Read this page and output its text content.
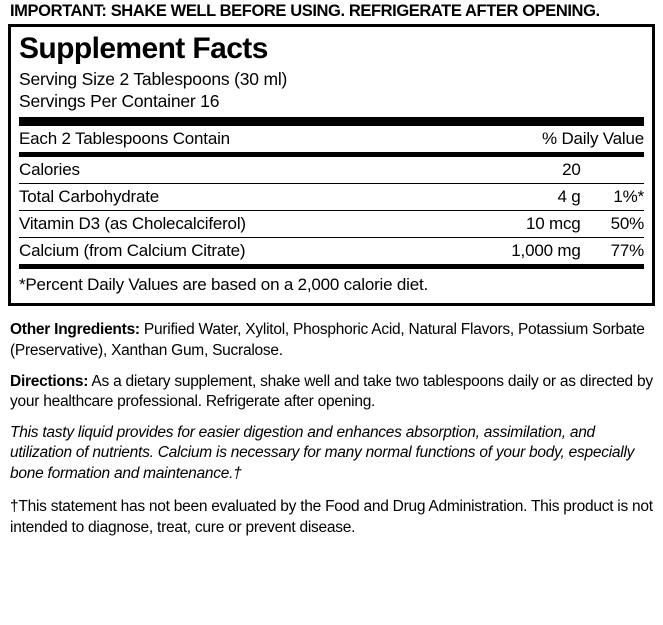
IMPORTANT: SHAKE WELL BEFORE USING. REFRIGERATE AFTER OPENING.
Supplement Facts
Serving Size 2 Tablespoons (30 ml)
Servings Per Container 16
Each 2 Tablespoons Contain		% Daily Value
Calories	20	
Total Carbohydrate	4 g	1%*
Vitamin D3 (as Cholecalciferol)	10 mcg	50%
Calcium (from Calcium Citrate)	1,000 mg	77%
*Percent Daily Values are based on a 2,000 calorie diet.
Other Ingredients: Purified Water, Xylitol, Phosphoric Acid, Natural Flavors, Potassium Sorbate (Preservative), Xanthan Gum, Sucralose.
Directions: As a dietary supplement, shake well and take two tablespoons daily or as directed by your healthcare professional. Refrigerate after opening.
This tasty liquid provides for easier digestion and enhances absorption, assimilation, and utilization of nutrients. Calcium is necessary for many normal functions of your body, especially bone formation and maintenance.†
†This statement has not been evaluated by the Food and Drug Administration. This product is not intended to diagnose, treat, cure or prevent disease.
